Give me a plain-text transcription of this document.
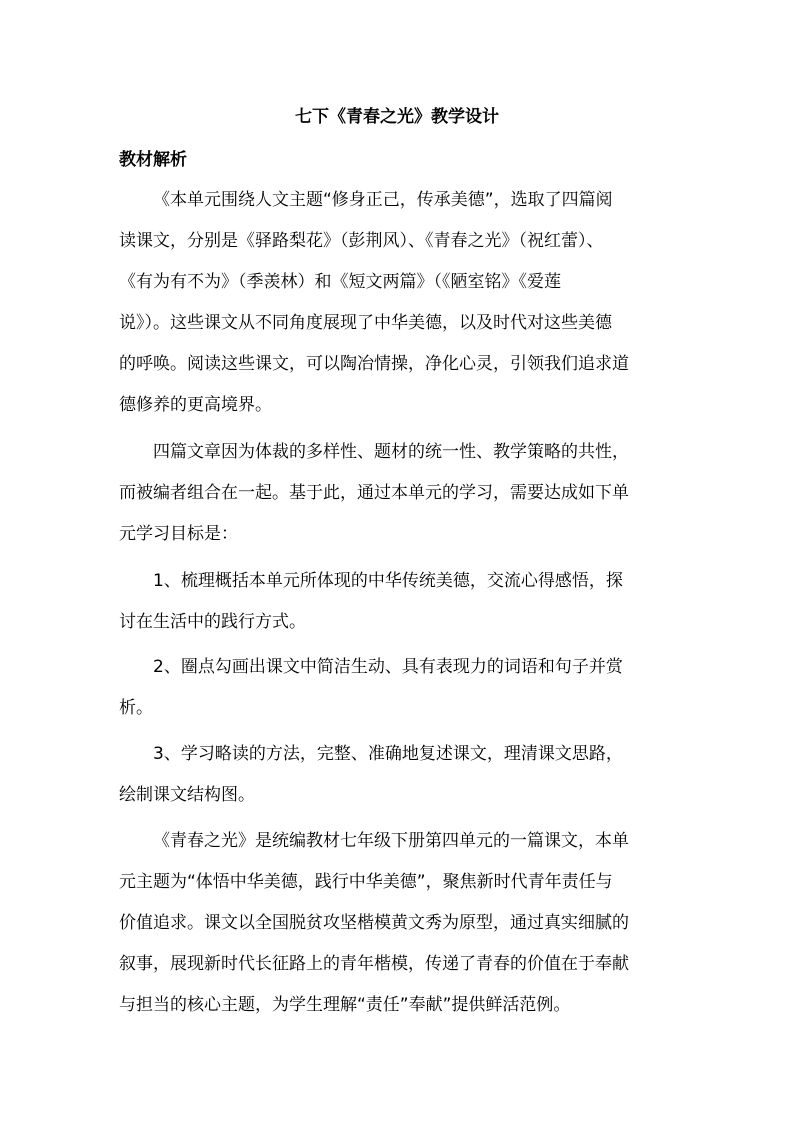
七下《青春之光》教学设计
教材解析
《本单元围绕人文主题“修身正己，传承美德”，选取了四篇阅
读课文，分别是《驿路梨花》（彭荆风）、《青春之光》（祝红蕾）、
《有为有不为》（季羡林）和《短文两篇》（《陋室铭》《爱莲
说》）。这些课文从不同角度展现了中华美德，以及时代对这些美德
的呼唤。阅读这些课文，可以陶冶情操，净化心灵，引领我们追求道
德修养的更高境界。
四篇文章因为体裁的多样性、题材的统一性、教学策略的共性，
而被编者组合在一起。基于此，通过本单元的学习，需要达成如下单
元学习目标是：
1、梳理概括本单元所体现的中华传统美德，交流心得感悟，探
讨在生活中的践行方式。
2、圈点勾画出课文中简洁生动、具有表现力的词语和句子并赏
析。
3、学习略读的方法，完整、准确地复述课文，理清课文思路，
绘制课文结构图。
《青春之光》是统编教材七年级下册第四单元的一篇课文，本单
元主题为“体悟中华美德，践行中华美德”，聚焦新时代青年责任与
价值追求。课文以全国脱贫攻坚楷模黄文秀为原型，通过真实细腻的
叙事，展现新时代长征路上的青年楷模，传递了青春的价值在于奉献
与担当的核心主题，为学生理解“责任”奉献”提供鲜活范例。
